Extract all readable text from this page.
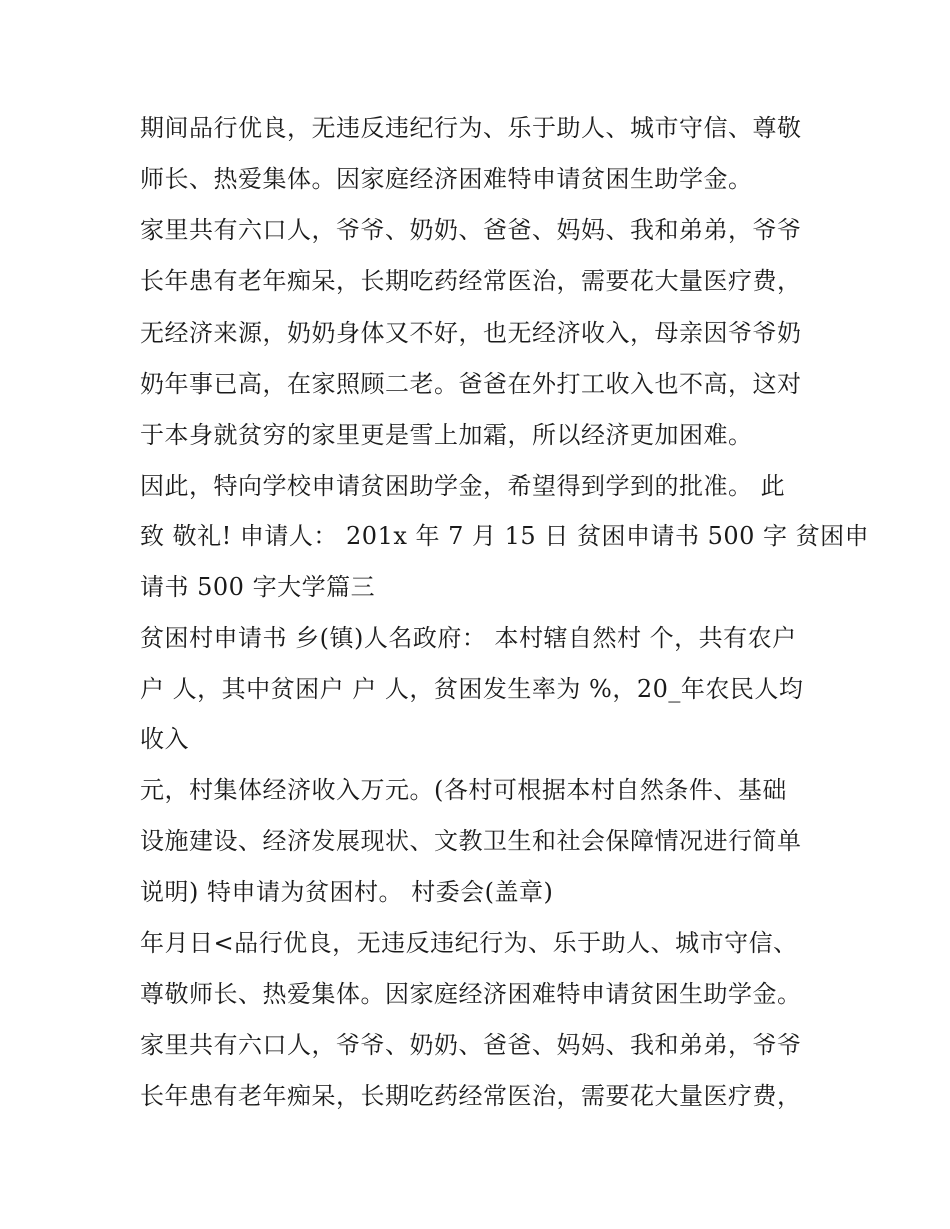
期间品行优良，无违反违纪行为、乐于助人、城市守信、尊敬
师长、热爱集体。因家庭经济困难特申请贫困生助学金。
家里共有六口人，爷爷、奶奶、爸爸、妈妈、我和弟弟，爷爷
长年患有老年痴呆，长期吃药经常医治，需要花大量医疗费，
无经济来源，奶奶身体又不好，也无经济收入，母亲因爷爷奶
奶年事已高，在家照顾二老。爸爸在外打工收入也不高，这对
于本身就贫穷的家里更是雪上加霜，所以经济更加困难。
因此，特向学校申请贫困助学金，希望得到学到的批准。 此
致 敬礼! 申请人： 201x 年 7 月 15 日 贫困申请书 500 字 贫困申
请书 500 字大学篇三
贫困村申请书 乡(镇)人名政府： 本村辖自然村 个，共有农户
户 人，其中贫困户 户 人，贫困发生率为 %，20_年农民人均
收入
元，村集体经济收入万元。(各村可根据本村自然条件、基础
设施建设、经济发展现状、文教卫生和社会保障情况进行简单
说明) 特申请为贫困村。 村委会(盖章)
年月日<品行优良，无违反违纪行为、乐于助人、城市守信、
尊敬师长、热爱集体。因家庭经济困难特申请贫困生助学金。
家里共有六口人，爷爷、奶奶、爸爸、妈妈、我和弟弟，爷爷
长年患有老年痴呆，长期吃药经常医治，需要花大量医疗费，
